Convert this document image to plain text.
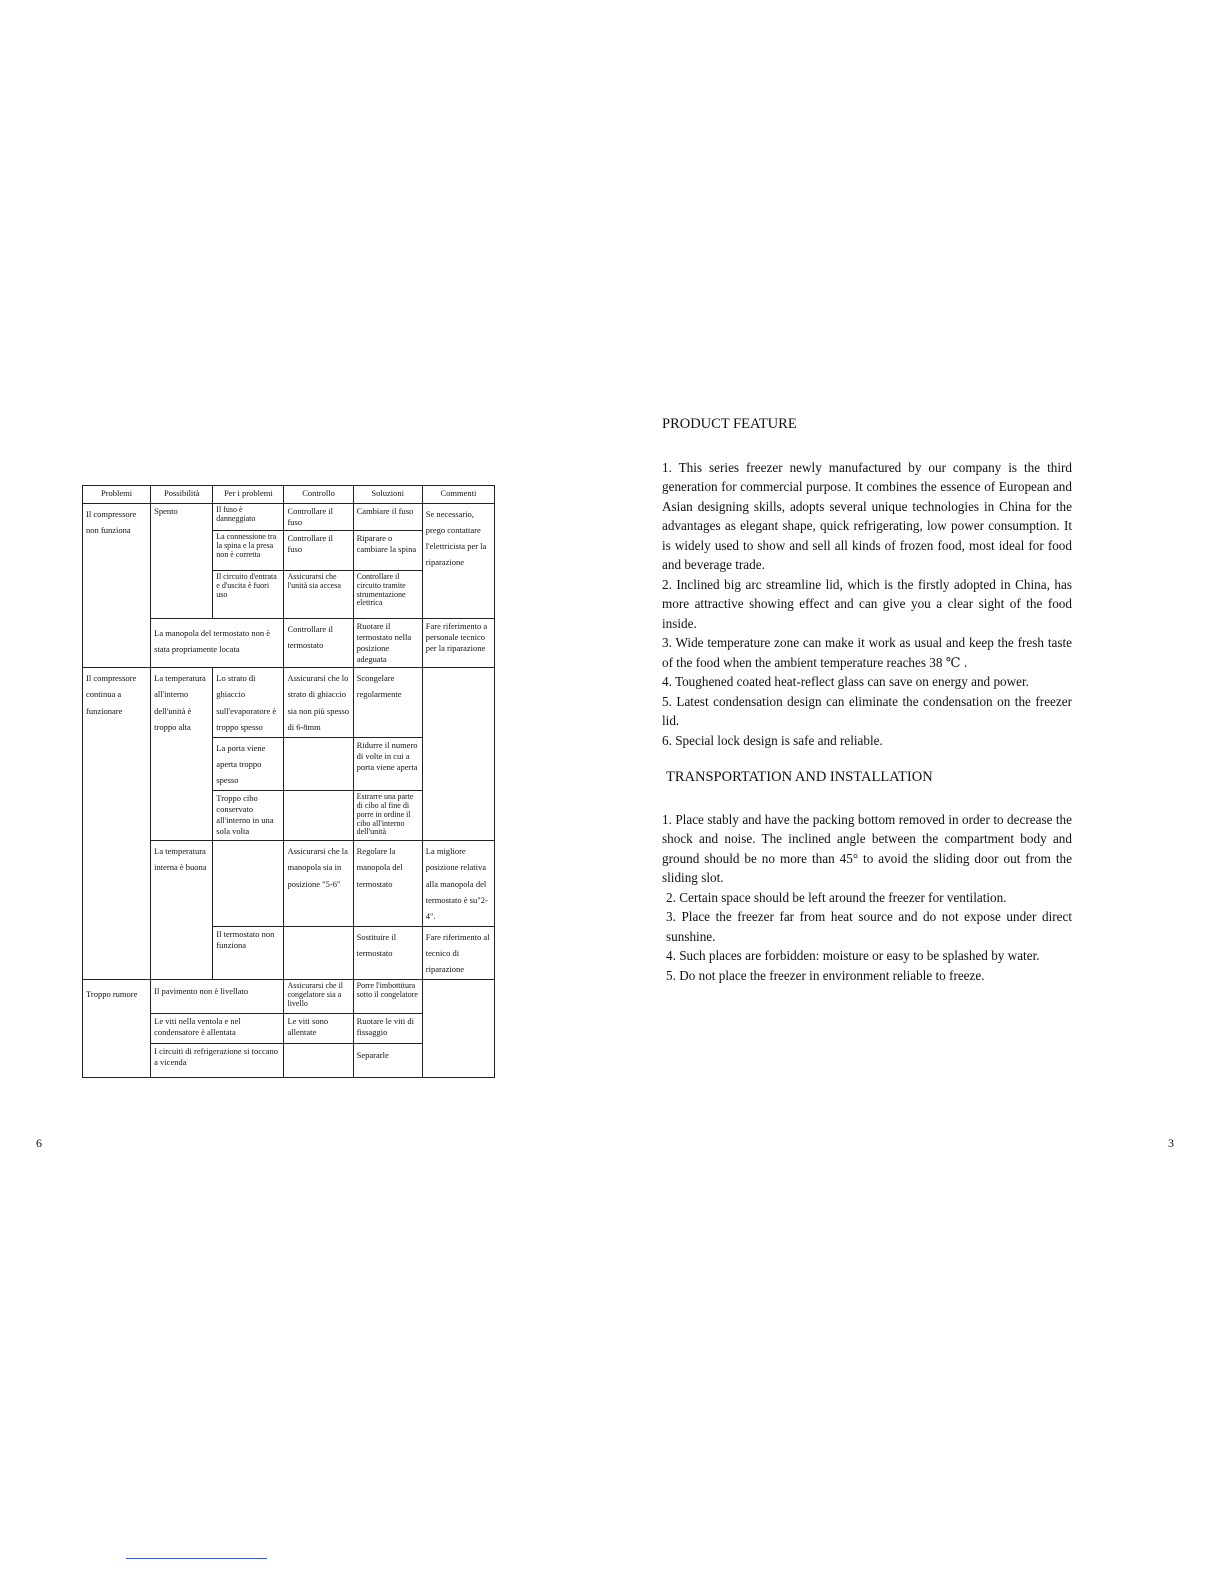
Problemi	Possibilità	Per i problemi	Controllo	Soluzioni	Commenti
Il compressore non funziona	Spento	Il fuso è danneggiato	Controllare il fuso	Cambiare il fuso	Se necessario, prego contattare l'elettricista per la riparazione
		La connessione tra la spina e la presa non è corretta	Controllare il fuso	Riparare o cambiare la spina	
		Il circuito d'entrata e d'uscita è fuori uso	Assicurarsi che l'unità sia accesa	Controllare il circuito tramite strumentazione elettrica	
	La manopola del termostato non è stata propriamente locata		Controllare il termostato	Ruotare il termostato nella posizione adeguata	Fare riferimento a personale tecnico per la riparazione
Il compressore continua a funzionare	La temperatura all'interno dell'unità è troppo alta	Lo strato di ghiaccio sull'evaporatore è troppo spesso	Assicurarsi che lo strato di ghiaccio sia non più spesso di 6-8mm	Scongelare regolarmente	
		La porta viene aperta troppo spesso		Ridurre il numero di volte in cui a porta viene aperta	
		Troppo cibo conservato all'interno in una sola volta		Estrarre una parte di cibo al fine di porre in ordine il cibo all'interno dell'unità	
	La temperatura interna è buona		Assicurarsi che la manopola sia in posizione "5-6"	Regolare la manopola del termostato	La migliore posizione relativa alla manopola del termostato è su"2-4".
		Il termostato non funziona		Sostituire il termostato	Fare riferimento al tecnico di riparazione
Troppo rumore	Il pavimento non è livellato		Assicurarsi che il congelatore sia a livello	Porre l'imbottitura sotto il congelatore	
	Le viti nella ventola e nel condensatore è allentata		Le viti sono allentate	Ruotare le viti di fissaggio	
	I circuiti di refrigerazione si toccano a vicenda			Separarle	
PRODUCT FEATURE

1. This series freezer newly manufactured by our company is the third generation for commercial purpose. It combines the essence of European and Asian designing skills, adopts several unique technologies in China for the advantages as elegant shape, quick refrigerating, low power consumption. It is widely used to show and sell all kinds of frozen food, most ideal for food and beverage trade.

2. Inclined big arc streamline lid, which is the firstly adopted in China, has more attractive showing effect and can give you a clear sight of the food inside.

3. Wide temperature zone can make it work as usual and keep the fresh taste of the food when the ambient temperature reaches 38 ℃ .

4. Toughened coated heat-reflect glass can save on energy and power.

5. Latest condensation design can eliminate the condensation on the freezer lid.

6. Special lock design is safe and reliable.

TRANSPORTATION AND INSTALLATION

1. Place stably and have the packing bottom removed in order to decrease the shock and noise. The inclined angle between the compartment body and ground should be no more than 45° to avoid the sliding door out from the sliding slot.

2. Certain space should be left around the freezer for ventilation.

3. Place the freezer far from heat source and do not expose under direct sunshine.

4. Such places are forbidden: moisture or easy to be splashed by water.

5. Do not place the freezer in environment reliable to freeze.

6	3
